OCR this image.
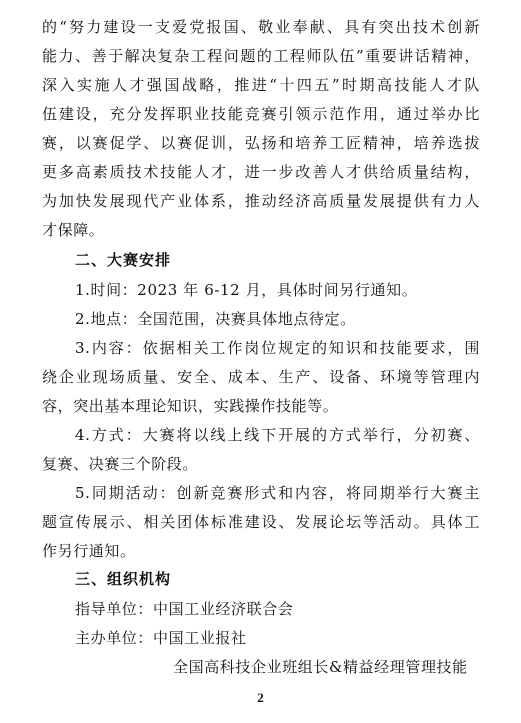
的“努力建设一支爱党报国、敬业奉献、具有突出技术创新
能力、善于解决复杂工程问题的工程师队伍”重要讲话精神，
深入实施人才强国战略，推进“十四五”时期高技能人才队
伍建设，充分发挥职业技能竞赛引领示范作用，通过举办比
赛，以赛促学、以赛促训，弘扬和培养工匠精神，培养选拔
更多高素质技术技能人才，进一步改善人才供给质量结构，
为加快发展现代产业体系，推动经济高质量发展提供有力人
才保障。
二、大赛安排
1.时间：2023 年 6-12 月，具体时间另行通知。
2.地点：全国范围，决赛具体地点待定。
3.内容：依据相关工作岗位规定的知识和技能要求，围
绕企业现场质量、安全、成本、生产、设备、环境等管理内
容，突出基本理论知识，实践操作技能等。
4.方式：大赛将以线上线下开展的方式举行，分初赛、
复赛、决赛三个阶段。
5.同期活动：创新竞赛形式和内容，将同期举行大赛主
题宣传展示、相关团体标准建设、发展论坛等活动。具体工
作另行通知。
三、组织机构
指导单位：中国工业经济联合会
主办单位：中国工业报社
全国高科技企业班组长&精益经理管理技能
2
